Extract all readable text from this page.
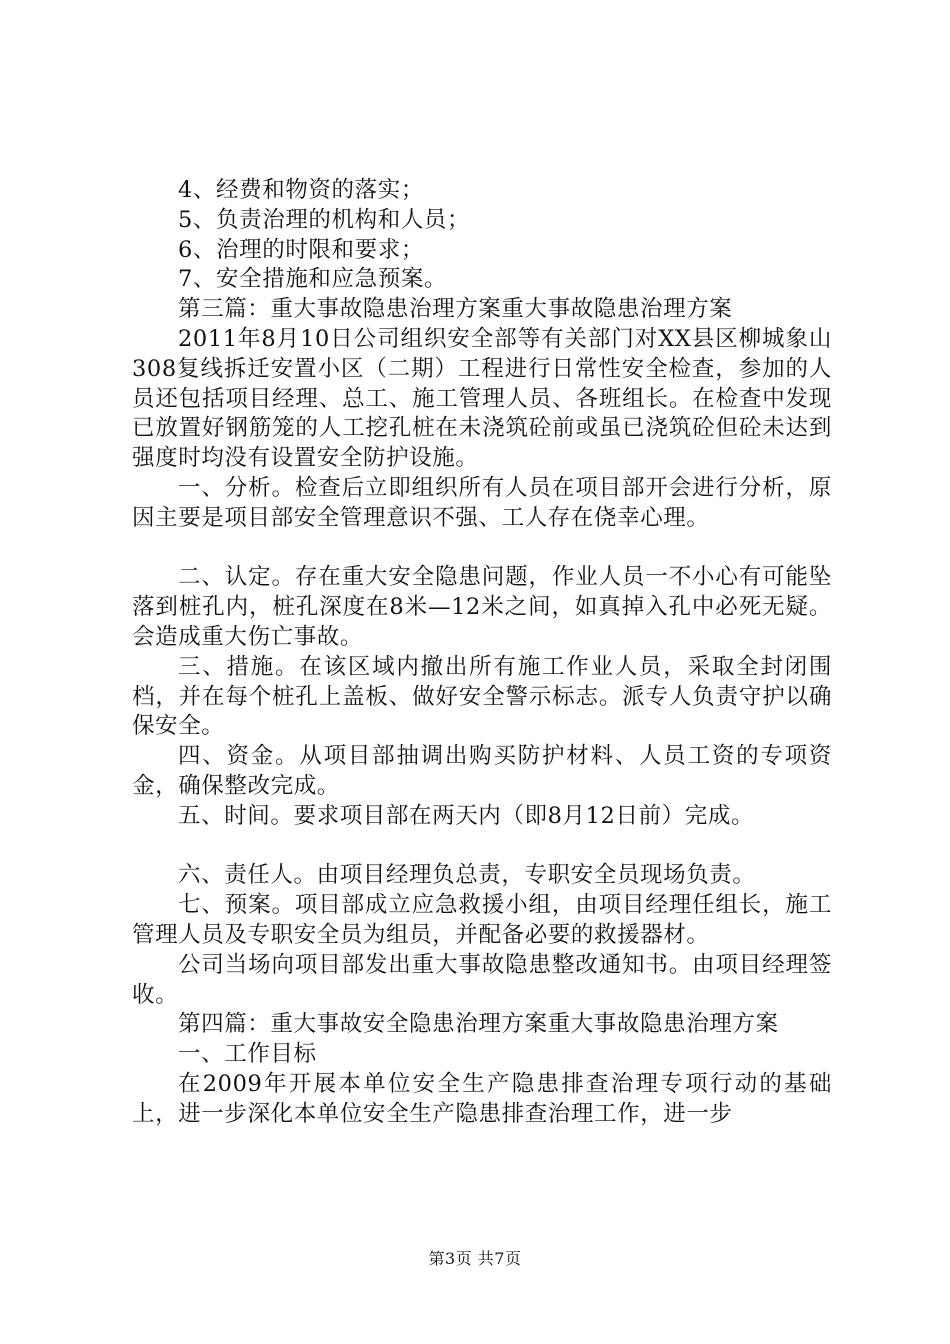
4、经费和物资的落实；

5、负责治理的机构和人员；

6、治理的时限和要求；

7、安全措施和应急预案。

第三篇：重大事故隐患治理方案重大事故隐患治理方案

2011年8月10日公司组织安全部等有关部门对XX县区柳城象山308复线拆迁安置小区（二期）工程进行日常性安全检查，参加的人员还包括项目经理、总工、施工管理人员、各班组长。在检查中发现已放置好钢筋笼的人工挖孔桩在未浇筑砼前或虽已浇筑砼但砼未达到强度时均没有设置安全防护设施。

一、分析。检查后立即组织所有人员在项目部开会进行分析，原因主要是项目部安全管理意识不强、工人存在侥幸心理。

二、认定。存在重大安全隐患问题，作业人员一不小心有可能坠落到桩孔内，桩孔深度在8米—12米之间，如真掉入孔中必死无疑。会造成重大伤亡事故。

三、措施。在该区域内撤出所有施工作业人员，采取全封闭围档，并在每个桩孔上盖板、做好安全警示标志。派专人负责守护以确保安全。

四、资金。从项目部抽调出购买防护材料、人员工资的专项资金，确保整改完成。

五、时间。要求项目部在两天内（即8月12日前）完成。

六、责任人。由项目经理负总责，专职安全员现场负责。

七、预案。项目部成立应急救援小组，由项目经理任组长，施工管理人员及专职安全员为组员，并配备必要的救援器材。

公司当场向项目部发出重大事故隐患整改通知书。由项目经理签收。

第四篇：重大事故安全隐患治理方案重大事故隐患治理方案

一、工作目标

在2009年开展本单位安全生产隐患排查治理专项行动的基础上，进一步深化本单位安全生产隐患排查治理工作，进一步

第3页 共7页
